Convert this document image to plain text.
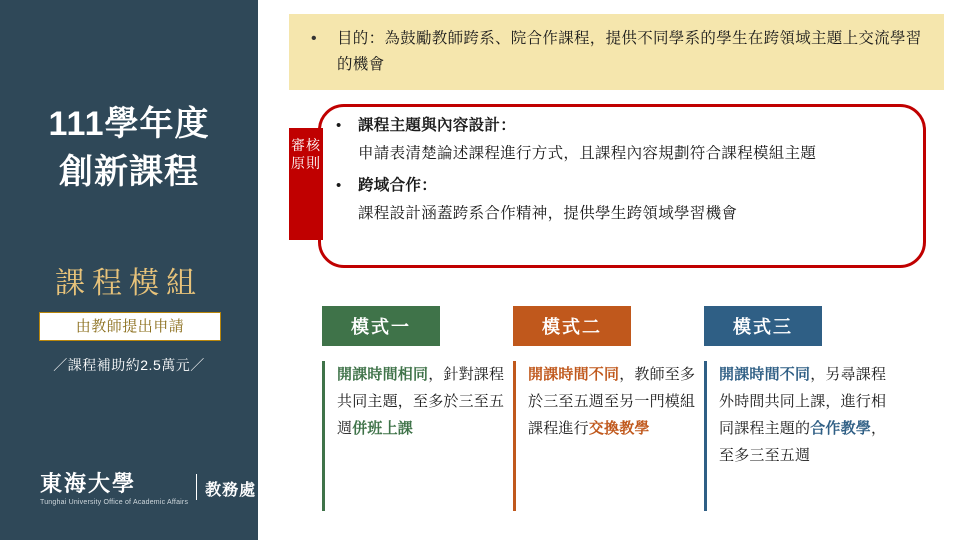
111學年度
創新課程
課程模組
由教師提出申請
／課程補助約2.5萬元／
東海大學
Tunghai University Office of Academic Affairs
教務處
•	目的：為鼓勵教師跨系、院合作課程，提供不同學系的學生在跨領域主題上交流學習的機會
審核原則
•	課程主題與內容設計：
申請表清楚論述課程進行方式，且課程內容規劃符合課程模組主題
•	跨域合作：
課程設計涵蓋跨系合作精神，提供學生跨領域學習機會
模式一
開課時間相同，針對課程共同主題，至多於三至五週併班上課
模式二
開課時間不同，教師至多於三至五週至另一門模組課程進行交換教學
模式三
開課時間不同，另尋課程外時間共同上課，進行相同課程主題的合作教學，至多三至五週
